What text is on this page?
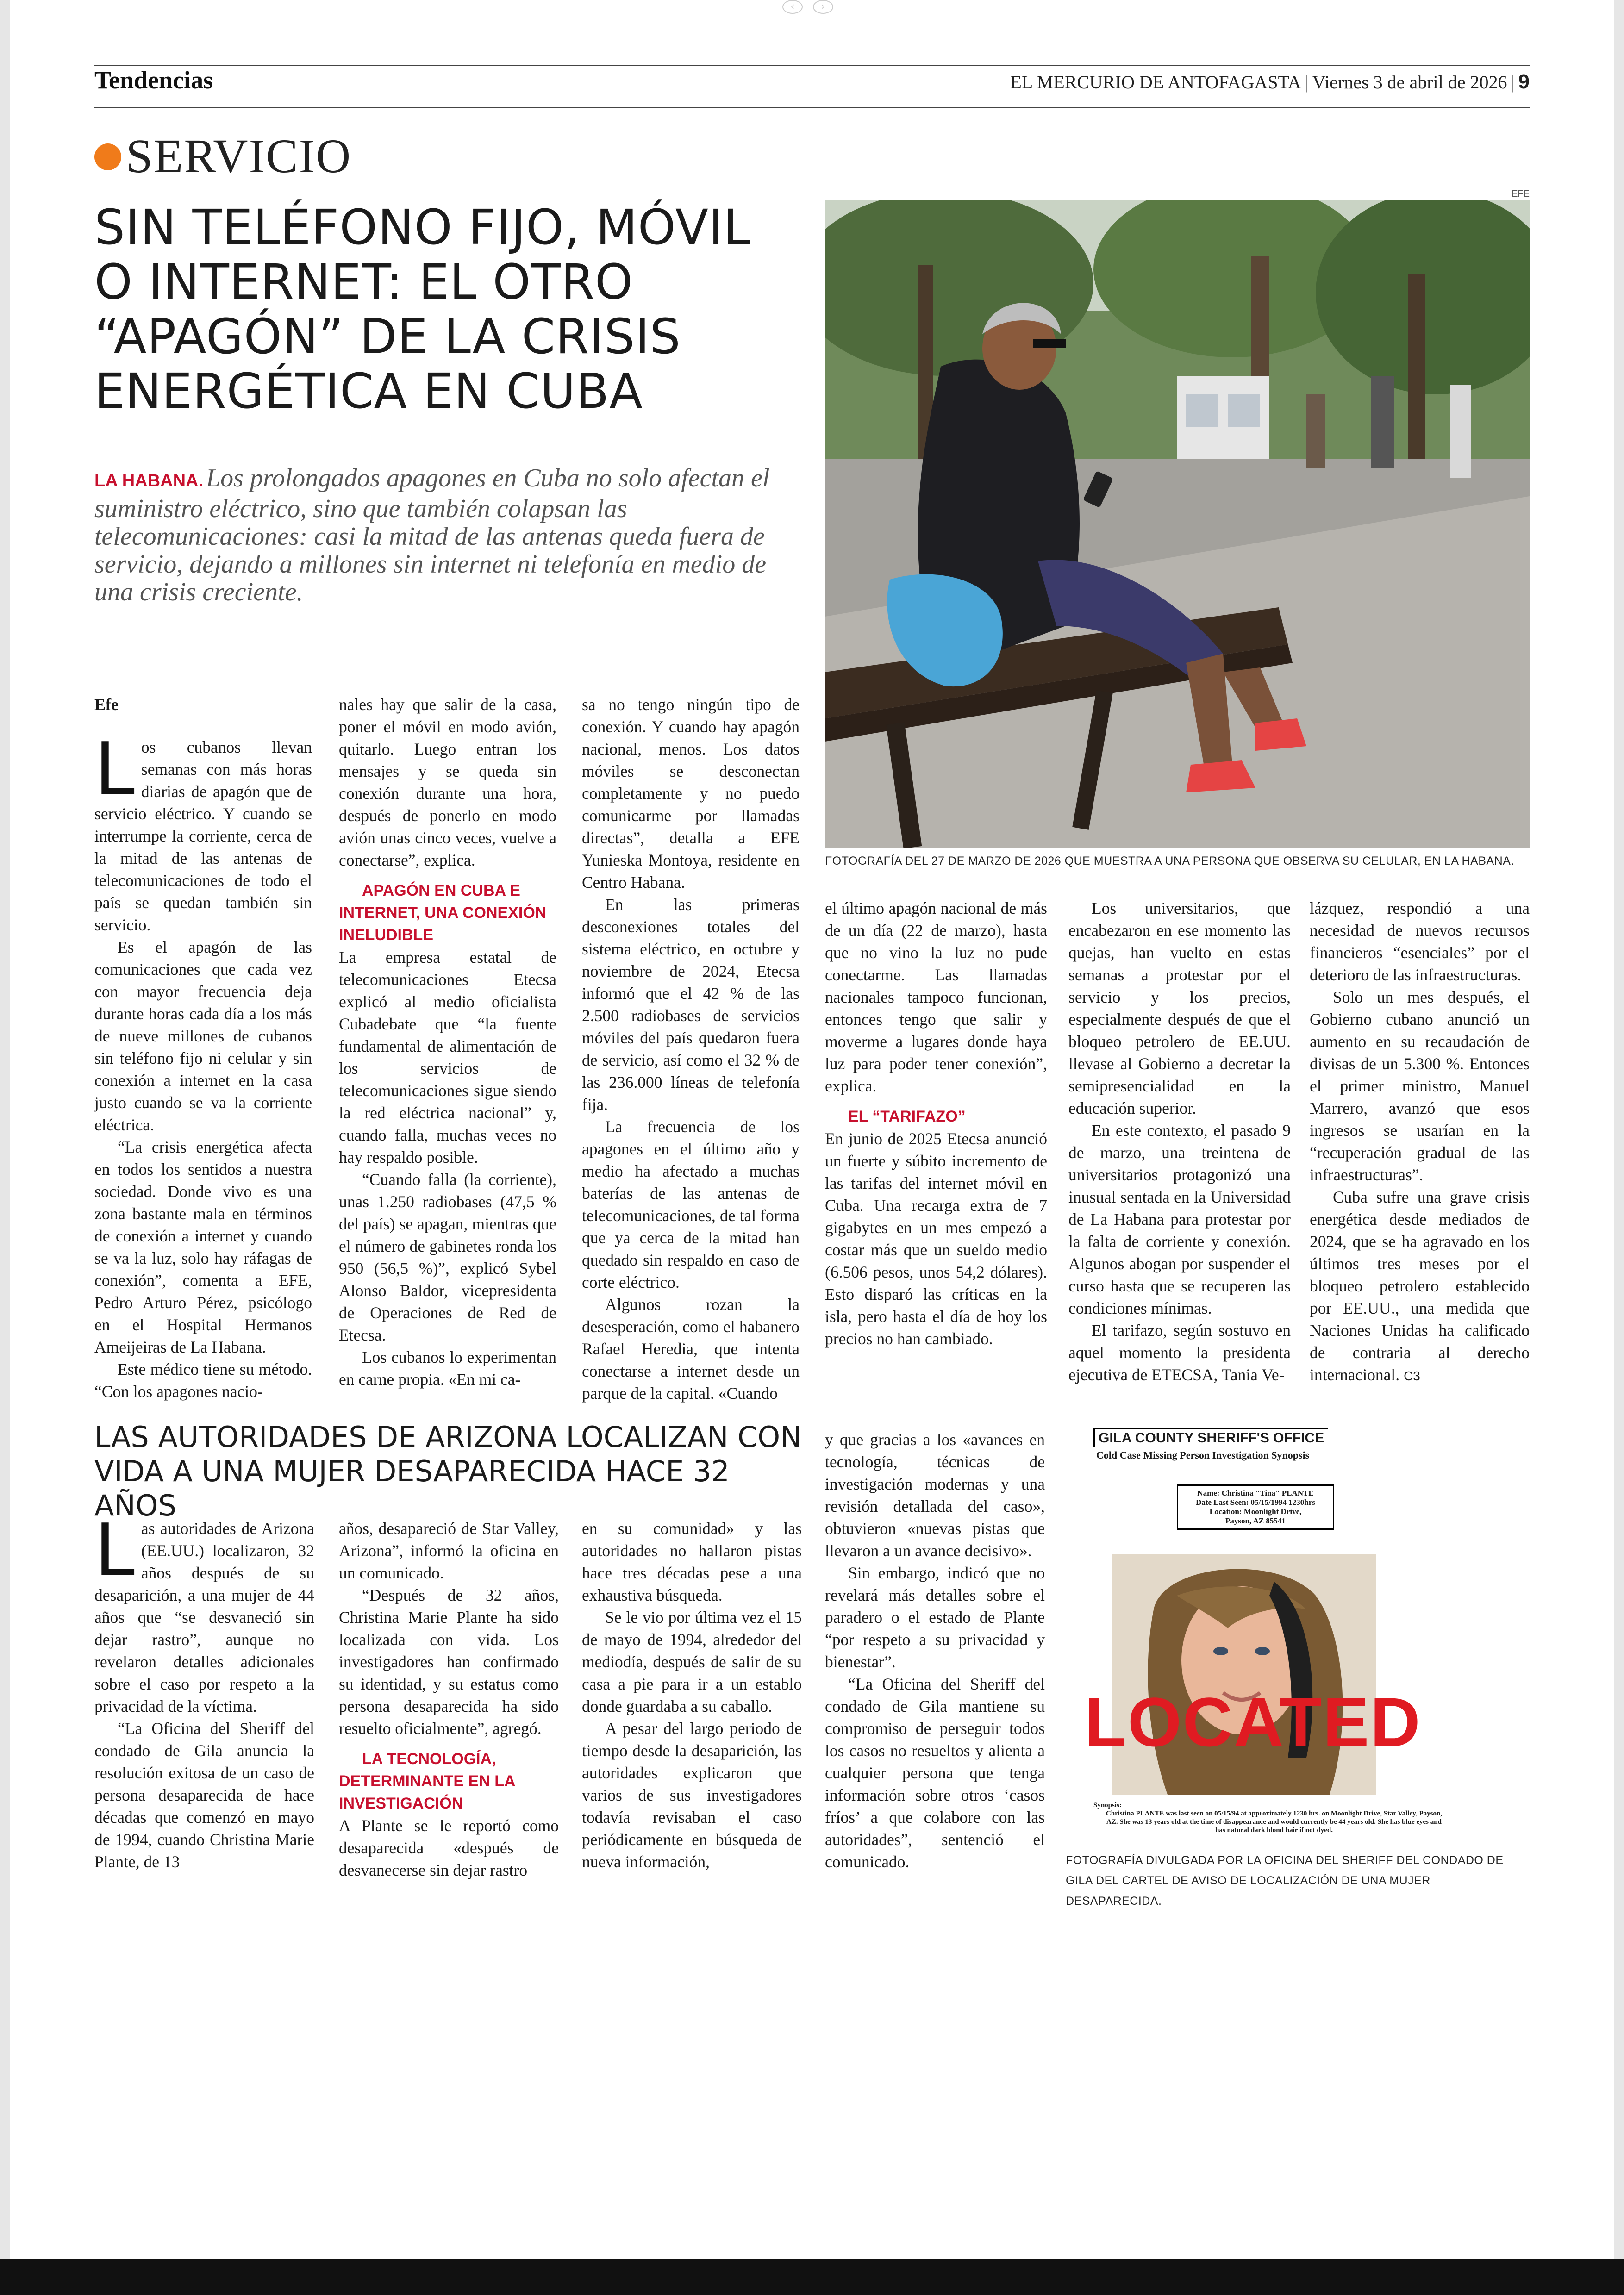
‹	›
Tendencias	EL MERCURIO DE ANTOFAGASTA | Viernes 3 de abril de 2026 | 9
SERVICIO
SIN TELÉFONO FIJO, MÓVIL
O INTERNET: EL OTRO
“APAGÓN” DE LA CRISIS
ENERGÉTICA EN CUBA
LA HABANA. Los prolongados apagones en Cuba no solo afectan el suministro eléctrico, sino que también colapsan las telecomunicaciones: casi la mitad de las antenas queda fuera de servicio, dejando a millones sin internet ni telefonía en medio de una crisis creciente.
EFE
FOTOGRAFÍA DEL 27 DE MARZO DE 2026 QUE MUESTRA A UNA PERSONA QUE OBSERVA SU CELULAR, EN LA HABANA.
Efe

Los cubanos llevan semanas con más horas diarias de apagón que de servicio eléctrico. Y cuando se interrumpe la corriente, cerca de la mitad de las antenas de telecomunicaciones de todo el país se quedan también sin servicio.

Es el apagón de las comunicaciones que cada vez con mayor frecuencia deja durante horas cada día a los más de nueve millones de cubanos sin teléfono fijo ni celular y sin conexión a internet en la casa justo cuando se va la corriente eléctrica.

“La crisis energética afecta en todos los sentidos a nuestra sociedad. Donde vivo es una zona bastante mala en términos de conexión a internet y cuando se va la luz, solo hay ráfagas de conexión”, comenta a EFE, Pedro Arturo Pérez, psicólogo en el Hospital Hermanos Ameijeiras de La Habana.

Este médico tiene su método. “Con los apagones nacio-

nales hay que salir de la casa, poner el móvil en modo avión, quitarlo. Luego entran los mensajes y se queda sin conexión durante una hora, después de ponerlo en modo avión unas cinco veces, vuelve a conectarse”, explica.

APAGÓN EN CUBA E INTERNET, UNA CONEXIÓN INELUDIBLE

La empresa estatal de telecomunicaciones Etecsa explicó al medio oficialista Cubadebate que “la fuente fundamental de alimentación de los servicios de telecomunicaciones sigue siendo la red eléctrica nacional” y, cuando falla, muchas veces no hay respaldo posible.

“Cuando falla (la corriente), unas 1.250 radiobases (47,5 % del país) se apagan, mientras que el número de gabinetes ronda los 950 (56,5 %)”, explicó Sybel Alonso Baldor, vicepresidenta de Operaciones de Red de Etecsa.

Los cubanos lo experimentan en carne propia. «En mi ca-

sa no tengo ningún tipo de conexión. Y cuando hay apagón nacional, menos. Los datos móviles se desconectan completamente y no puedo comunicarme por llamadas directas”, detalla a EFE Yunieska Montoya, residente en Centro Habana.

En las primeras desconexiones totales del sistema eléctrico, en octubre y noviembre de 2024, Etecsa informó que el 42 % de las 2.500 radiobases de servicios móviles del país quedaron fuera de servicio, así como el 32 % de las 236.000 líneas de telefonía fija.

La frecuencia de los apagones en el último año y medio ha afectado a muchas baterías de las antenas de telecomunicaciones, de tal forma que ya cerca de la mitad han quedado sin respaldo en caso de corte eléctrico.

Algunos rozan la desesperación, como el habanero Rafael Heredia, que intenta conectarse a internet desde un parque de la capital. «Cuando

el último apagón nacional de más de un día (22 de marzo), hasta que no vino la luz no pude conectarme. Las llamadas nacionales tampoco funcionan, entonces tengo que salir y moverme a lugares donde haya luz para poder tener conexión”, explica.

EL “TARIFAZO”

En junio de 2025 Etecsa anunció un fuerte y súbito incremento de las tarifas del internet móvil en Cuba. Una recarga extra de 7 gigabytes en un mes empezó a costar más que un sueldo medio (6.506 pesos, unos 54,2 dólares). Esto disparó las críticas en la isla, pero hasta el día de hoy los precios no han cambiado.

Los universitarios, que encabezaron en ese momento las quejas, han vuelto en estas semanas a protestar por el servicio y los precios, especialmente después de que el bloqueo petrolero de EE.UU. llevase al Gobierno a decretar la semipresencialidad en la educación superior.

En este contexto, el pasado 9 de marzo, una treintena de universitarios protagonizó una inusual sentada en la Universidad de La Habana para protestar por la falta de corriente y conexión. Algunos abogan por suspender el curso hasta que se recuperen las condiciones mínimas.

El tarifazo, según sostuvo en aquel momento la presidenta ejecutiva de ETECSA, Tania Ve-

lázquez, respondió a una necesidad de nuevos recursos financieros “esenciales” por el deterioro de las infraestructuras.

Solo un mes después, el Gobierno cubano anunció un aumento en su recaudación de divisas de un 5.300 %. Entonces el primer ministro, Manuel Marrero, avanzó que esos ingresos se usarían en la “recuperación gradual de las infraestructuras”.

Cuba sufre una grave crisis energética desde mediados de 2024, que se ha agravado en los últimos tres meses por el bloqueo petrolero establecido por EE.UU., una medida que Naciones Unidas ha calificado de contraria al derecho internacional. C3

LAS AUTORIDADES DE ARIZONA LOCALIZAN CON
VIDA A UNA MUJER DESAPARECIDA HACE 32 AÑOS

Las autoridades de Arizona (EE.UU.) localizaron, 32 años después de su desaparición, a una mujer de 44 años que “se desvaneció sin dejar rastro”, aunque no revelaron detalles adicionales sobre el caso por respeto a la privacidad de la víctima.

“La Oficina del Sheriff del condado de Gila anuncia la resolución exitosa de un caso de persona desaparecida de hace décadas que comenzó en mayo de 1994, cuando Christina Marie Plante, de 13

años, desapareció de Star Valley, Arizona”, informó la oficina en un comunicado.

“Después de 32 años, Christina Marie Plante ha sido localizada con vida. Los investigadores han confirmado su identidad, y su estatus como persona desaparecida ha sido resuelto oficialmente”, agregó.

LA TECNOLOGÍA, DETERMINANTE EN LA INVESTIGACIÓN

A Plante se le reportó como desaparecida «después de desvanecerse sin dejar rastro

en su comunidad» y las autoridades no hallaron pistas hace tres décadas pese a una exhaustiva búsqueda.

Se le vio por última vez el 15 de mayo de 1994, alrededor del mediodía, después de salir de su casa a pie para ir a un establo donde guardaba a su caballo.

A pesar del largo periodo de tiempo desde la desaparición, las autoridades explicaron que varios de sus investigadores todavía revisaban el caso periódicamente en búsqueda de nueva información,

y que gracias a los «avances en tecnología, técnicas de investigación modernas y una revisión detallada del caso», obtuvieron «nuevas pistas que llevaron a un avance decisivo».

Sin embargo, indicó que no revelará más detalles sobre el paradero o el estado de Plante “por respeto a su privacidad y bienestar”.

“La Oficina del Sheriff del condado de Gila mantiene su compromiso de perseguir todos los casos no resueltos y alienta a cualquier persona que tenga información sobre otros ‘casos fríos’ a que colabore con las autoridades”, sentenció el comunicado.

GILA COUNTY SHERIFF'S OFFICE
Cold Case Missing Person Investigation Synopsis
Name: Christina "Tina" PLANTE
Date Last Seen: 05/15/1994 1230hrs
Location: Moonlight Drive,
Payson, AZ 85541
LOCATED
Synopsis:
Christina PLANTE was last seen on 05/15/94 at approximately 1230 hrs. on Moonlight Drive, Star Valley, Payson, AZ. She was 13 years old at the time of disappearance and would currently be 44 years old. She has blue eyes and has natural dark blond hair if not dyed.
FOTOGRAFÍA DIVULGADA POR LA OFICINA DEL SHERIFF DEL CONDADO DE GILA DEL CARTEL DE AVISO DE LOCALIZACIÓN DE UNA MUJER DESAPARECIDA.
